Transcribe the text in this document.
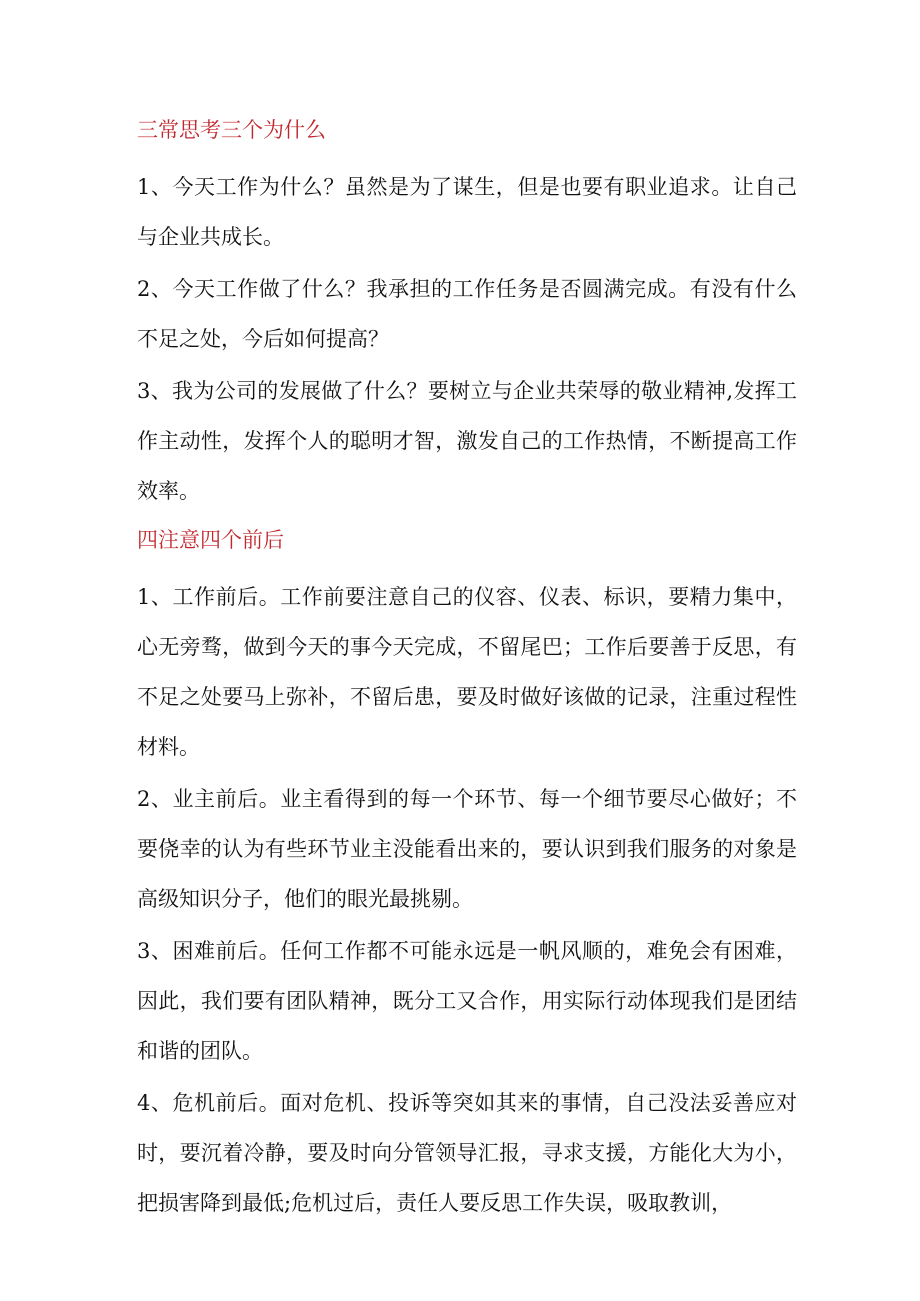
三常思考三个为什么

1、今天工作为什么？虽然是为了谋生，但是也要有职业追求。让自己与企业共成长。

2、今天工作做了什么？我承担的工作任务是否圆满完成。有没有什么不足之处，今后如何提高？

3、我为公司的发展做了什么？要树立与企业共荣辱的敬业精神,发挥工作主动性，发挥个人的聪明才智，激发自己的工作热情，不断提高工作效率。

四注意四个前后

1、工作前后。工作前要注意自己的仪容、仪表、标识，要精力集中，心无旁骛，做到今天的事今天完成，不留尾巴；工作后要善于反思，有不足之处要马上弥补，不留后患，要及时做好该做的记录，注重过程性材料。

2、业主前后。业主看得到的每一个环节、每一个细节要尽心做好；不要侥幸的认为有些环节业主没能看出来的，要认识到我们服务的对象是高级知识分子，他们的眼光最挑剔。

3、困难前后。任何工作都不可能永远是一帆风顺的，难免会有困难，因此，我们要有团队精神，既分工又合作，用实际行动体现我们是团结和谐的团队。

4、危机前后。面对危机、投诉等突如其来的事情，自己没法妥善应对时，要沉着冷静，要及时向分管领导汇报，寻求支援，方能化大为小，把损害降到最低;危机过后，责任人要反思工作失误，吸取教训，
